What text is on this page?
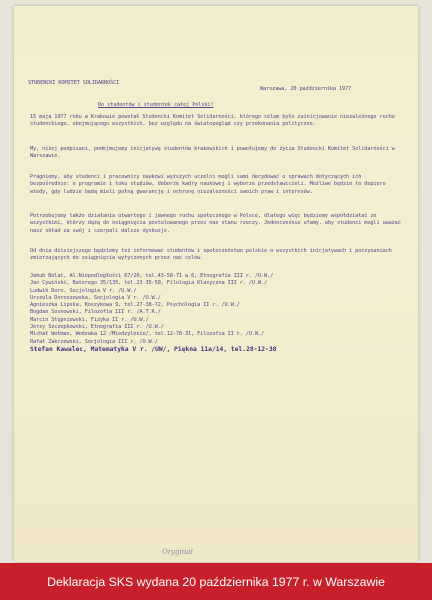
STUDENCKI KOMITET SOLIDARNOŚCI
Warszawa, 20 października 1977
Do studentów i studentek całej Polski!

15 maja 1977 roku w Krakowie powstał Studencki Komitet Solidarności, którego celem było zainicjowanie niezależnego ruchu studenckiego, obejmującego wszystkich, bez względu na światopogląd czy przekonania polityczne.

My, niżej podpisani, podejmujemy inicjatywę studentów krakowskich i powołujemy do życia Studencki Komitet Solidarności w Warszawie.

Pragniemy, aby studenci i pracownicy naukowi wyższych uczelni mogli sami decydować o sprawach dotyczących ich bezpośrednio: o programie i toku studiów, doborze kadry naukowej i wyborze przedstawicieli. Możliwe będzie to dopiero wtedy, gdy ludzie będą mieli pełną gwarancję i ochronę niezależności swoich praw i interesów.

Potrzebujemy także działania otwartego i jawnego ruchu społecznego w Polsce, dlatego więc będziemy współdziałać ze wszystkimi, którzy dążą do osiągnięcia postulowanego przez nas stanu rzeczy. Jednocześnie ufamy, aby studenci mogli uważać nasz skład za swój i czerpali dalsze dyskusje.

Od dnia dzisiejszego będziemy też informować studentów i społeczeństwo polskie o wszystkich inicjatywach i poczynaniach zmierzających do osiągnięcia wytyczonych przez nas celów.

Jakub Bolat, Al.Niepodległości 67/20, tel.43-58-71 w.6, Etnografia III r. /U.W./

Jan Cywiński, Batorego 35/135, tel.23-35-50, Filologia Klasyczna III r. /U.W./

Ludwik Dorn, Socjologia V r. /U.W./

Urszula Doroszewska, Socjologia V r. /U.W./

Agnieszka Lipska, Koszykowa 9, tel.27-38-72, Psychologia II r. /U.W./

Bogdan Sosnowski, Filozofia III r. /A.T.K./

Marcin Stępniewski, Fizyka II r. /U.W./

Jerzy Szczepkowski, Etnografia III r. /U.W./

Michał Wołman, Wodzaka 12 /Miedzylesie/, tel.12-78-31, Filozofia II r. /U.W./

Rafał Zakrzewski, Socjologia III r. /U.W./

Stefan Kawalec, Matematyka V r. /UW/, Piękna 11a/14, tel.28-12-38

Oryginał
Deklaracja SKS wydana 20 października 1977 r. w Warszawie
